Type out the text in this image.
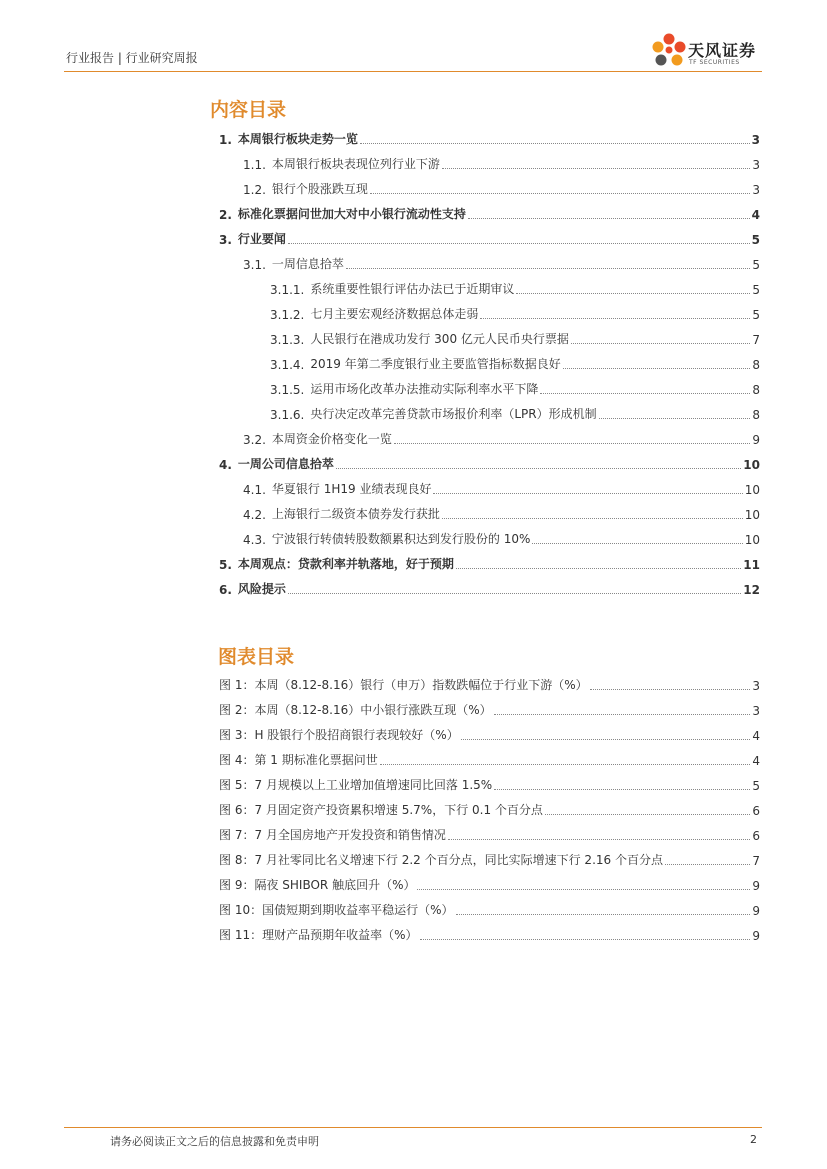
行业报告 | 行业研究周报	天风证券
TF SECURITIES
内容目录
1. 本周银行板块走势一览	3
1.1. 本周银行板块表现位列行业下游	3
1.2. 银行个股涨跌互现	3
2. 标准化票据问世加大对中小银行流动性支持	4
3. 行业要闻	5
3.1. 一周信息拾萃	5
3.1.1. 系统重要性银行评估办法已于近期审议	5
3.1.2. 七月主要宏观经济数据总体走弱	5
3.1.3. 人民银行在港成功发行 300 亿元人民币央行票据	7
3.1.4. 2019 年第二季度银行业主要监管指标数据良好	8
3.1.5. 运用市场化改革办法推动实际利率水平下降	8
3.1.6. 央行决定改革完善贷款市场报价利率（LPR）形成机制	8
3.2. 本周资金价格变化一览	9
4. 一周公司信息拾萃	10
4.1. 华夏银行 1H19 业绩表现良好	10
4.2. 上海银行二级资本债券发行获批	10
4.3. 宁波银行转债转股数额累积达到发行股份的 10%	10
5. 本周观点：贷款利率并轨落地，好于预期	11
6. 风险提示	12
图表目录
图 1：本周（8.12-8.16）银行（申万）指数跌幅位于行业下游（%）	3
图 2：本周（8.12-8.16）中小银行涨跌互现（%）	3
图 3：H 股银行个股招商银行表现较好（%）	4
图 4：第 1 期标准化票据问世	4
图 5：7 月规模以上工业增加值增速同比回落 1.5%	5
图 6：7 月固定资产投资累积增速 5.7%，下行 0.1 个百分点	6
图 7：7 月全国房地产开发投资和销售情况	6
图 8：7 月社零同比名义增速下行 2.2 个百分点，同比实际增速下行 2.16 个百分点	7
图 9：隔夜 SHIBOR 触底回升（%）	9
图 10：国债短期到期收益率平稳运行（%）	9
图 11：理财产品预期年收益率（%）	9
请务必阅读正文之后的信息披露和免责申明	2
